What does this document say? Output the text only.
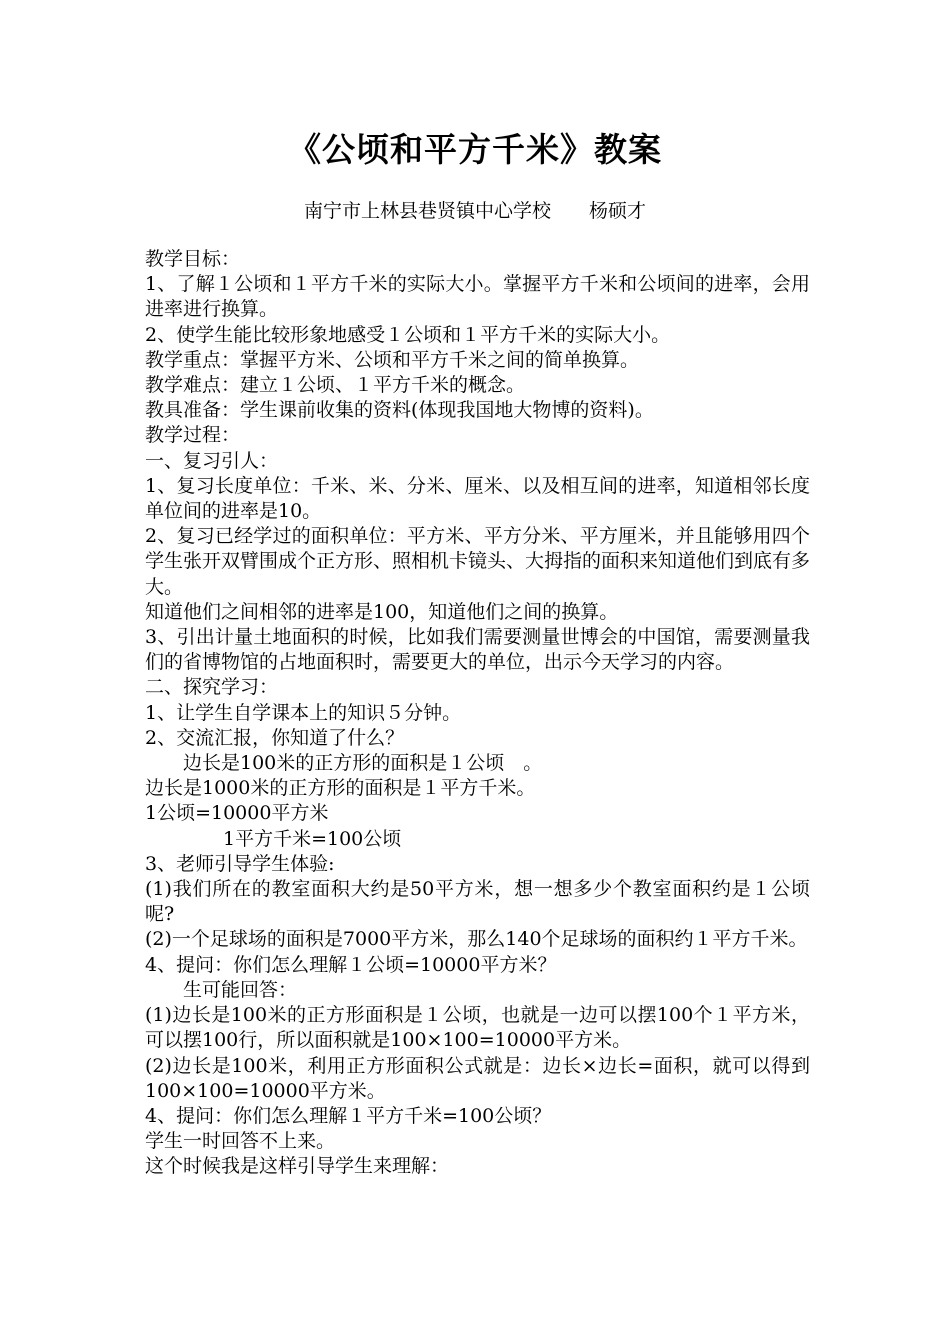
《公顷和平方千米》教案
南宁市上林县巷贤镇中心学校　　杨硕才

教学目标：

1、了解１公顷和１平方千米的实际大小。掌握平方千米和公顷间的进率，会用进率进行换算。

2、使学生能比较形象地感受１公顷和１平方千米的实际大小。

教学重点：掌握平方米、公顷和平方千米之间的简单换算。

教学难点：建立１公顷、１平方千米的概念。

教具准备：学生课前收集的资料(体现我国地大物博的资料)。

教学过程：

一、复习引人：

1、复习长度单位：千米、米、分米、厘米、以及相互间的进率，知道相邻长度单位间的进率是10。

2、复习已经学过的面积单位：平方米、平方分米、平方厘米，并且能够用四个学生张开双臂围成个正方形、照相机卡镜头、大拇指的面积来知道他们到底有多大。

知道他们之间相邻的进率是100，知道他们之间的换算。

3、引出计量土地面积的时候，比如我们需要测量世博会的中国馆，需要测量我们的省博物馆的占地面积时，需要更大的单位，出示今天学习的内容。

二、探究学习：

1、让学生自学课本上的知识５分钟。

2、交流汇报，你知道了什么？

边长是100米的正方形的面积是１公顷　。

边长是1000米的正方形的面积是１平方千米。

1公顷=10000平方米

1平方千米=100公顷

3、老师引导学生体验:

(1)我们所在的教室面积大约是50平方米，想一想多少个教室面积约是１公顷呢?

(2)一个足球场的面积是7000平方米，那么140个足球场的面积约１平方千米。

4、提问：你们怎么理解１公顷=10000平方米？

生可能回答：

(1)边长是100米的正方形面积是１公顷，也就是一边可以摆100个１平方米，可以摆100行，所以面积就是100×100=10000平方米。

(2)边长是100米，利用正方形面积公式就是：边长×边长=面积，就可以得到100×100=10000平方米。

4、提问：你们怎么理解１平方千米=100公顷？

学生一时回答不上来。

这个时候我是这样引导学生来理解：
